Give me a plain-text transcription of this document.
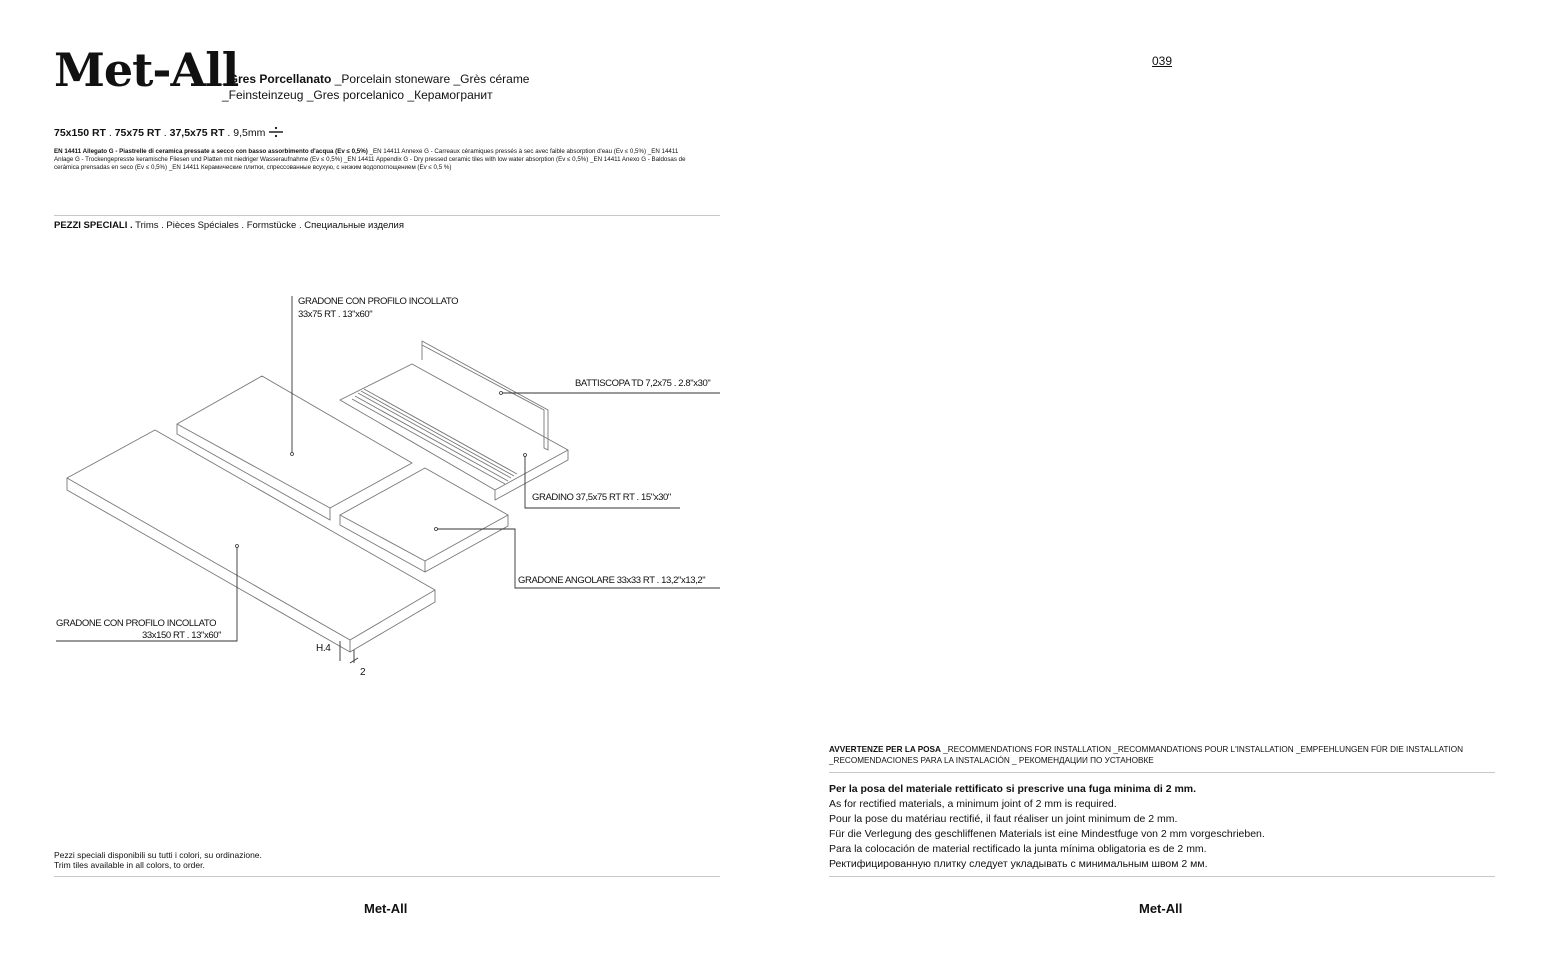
Met-All
_Gres Porcellanato _Porcelain stoneware _Grès cérame
_Feinsteinzeug _Gres porcelanico _Керамогранит
039
75x150 RT . 75x75 RT . 37,5x75 RT . 9,5mm
EN 14411 Allegato G - Piastrelle di ceramica pressate a secco con basso assorbimento d'acqua (Ev ≤ 0,5%) _EN 14411 Annexe G - Carreaux céramiques pressés à sec avec faible absorption d'eau (Ev ≤ 0,5%) _EN 14411 Anlage G - Trockengepresste keramische Fliesen und Platten mit niedriger Wasseraufnahme (Ev ≤ 0,5%) _EN 14411 Appendix G - Dry pressed ceramic tiles with low water absorption (Ev ≤ 0,5%) _EN 14411 Anexo G - Baldosas de cerámica prensadas en seco (Ev ≤ 0,5%) _EN 14411 Керамические плитки, спрессованные всухую, с низким водопоглощением (Ev ≤ 0,5 %)
PEZZI SPECIALI . Trims . Pièces Spéciales . Formstücke . Специальные изделия
GRADONE CON PROFILO INCOLLATO
33x75 RT . 13"x60"
BATTISCOPA TD 7,2x75 . 2.8"x30"
GRADINO 37,5x75 RT RT . 15"x30"
GRADONE ANGOLARE 33x33 RT . 13,2"x13,2"
GRADONE CON PROFILO INCOLLATO
33x150 RT . 13"x60"
H.4
2
Pezzi speciali disponibili su tutti i colori, su ordinazione.
Trim tiles available in all colors, to order.
Met-All
AVVERTENZE PER LA POSA _RECOMMENDATIONS FOR INSTALLATION _RECOMMANDATIONS POUR L'INSTALLATION _EMPFEHLUNGEN FÜR DIE INSTALLATION _RECOMENDACIONES PARA LA INSTALACIÓN _ РЕКОМЕНДАЦИИ ПО УСТАНОВКЕ
Per la posa del materiale rettificato si prescrive una fuga minima di 2 mm.
As for rectified materials, a minimum joint of 2 mm is required.
Pour la pose du matériau rectifié, il faut réaliser un joint minimum de 2 mm.
Für die Verlegung des geschliffenen Materials ist eine Mindestfuge von 2 mm vorgeschrieben.
Para la colocación de material rectificado la junta mínima obligatoria es de 2 mm.
Ректифицированную плитку следует укладывать с минимальным швом 2 мм.
Met-All
